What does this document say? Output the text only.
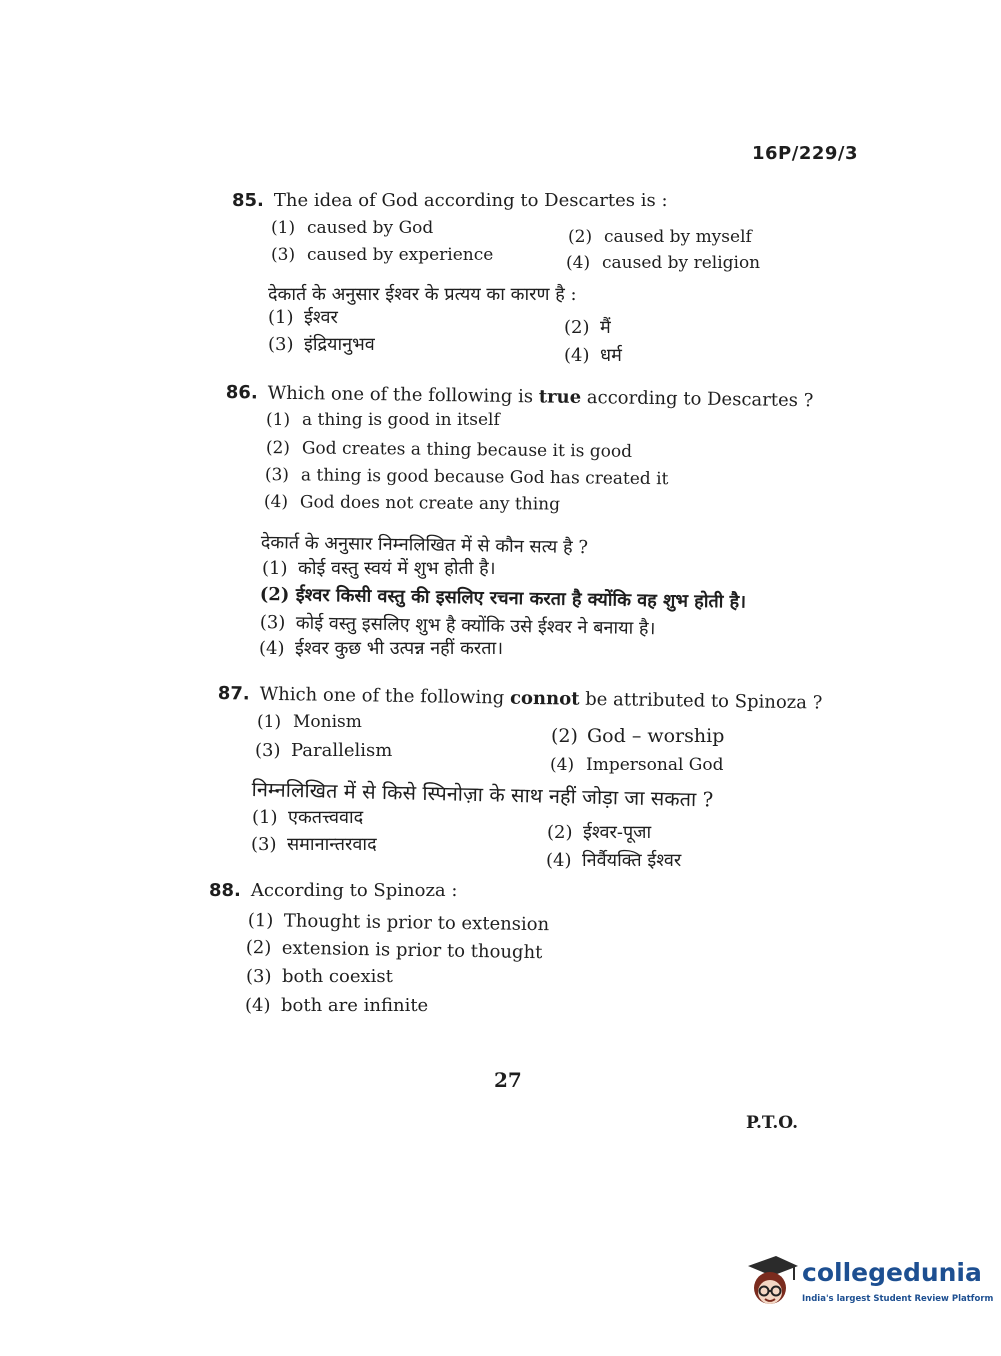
16P/229/3
85. The idea of God according to Descartes is :
(1) caused by God	(2) caused by myself
(3) caused by experience	(4) caused by religion
देकार्त के अनुसार ईश्वर के प्रत्यय का कारण है :
(1) ईश्वर	(2) मैं
(3) इंद्रियानुभव
(4) धर्म
86. Which one of the following is true according to Descartes ?
(1) a thing is good in itself
(2) God creates a thing because it is good
(3) a thing is good because God has created it
(4) God does not create any thing
देकार्त के अनुसार निम्नलिखित में से कौन सत्य है ?
(1) कोई वस्तु स्वयं में शुभ होती है।
(2) ईश्वर किसी वस्तु की इसलिए रचना करता है क्योंकि वह शुभ होती है।
(3) कोई वस्तु इसलिए शुभ है क्योंकि उसे ईश्वर ने बनाया है।
(4) ईश्वर कुछ भी उत्पन्न नहीं करता।
87. Which one of the following connot be attributed to Spinoza ?
(1) Monism
(2) God – worship
(3) Parallelism
(4) Impersonal God
निम्नलिखित में से किसे स्पिनोज़ा के साथ नहीं जोड़ा जा सकता ?
(1) एकतत्त्ववाद
(2) ईश्वर-पूजा
(3) समानान्तरवाद
(4) निर्वैयक्ति ईश्वर
88. According to Spinoza :
(1) Thought is prior to extension
(2) extension is prior to thought
(3) both coexist
(4) both are infinite
27
P.T.O.
collegedunia
India's largest Student Review Platform
